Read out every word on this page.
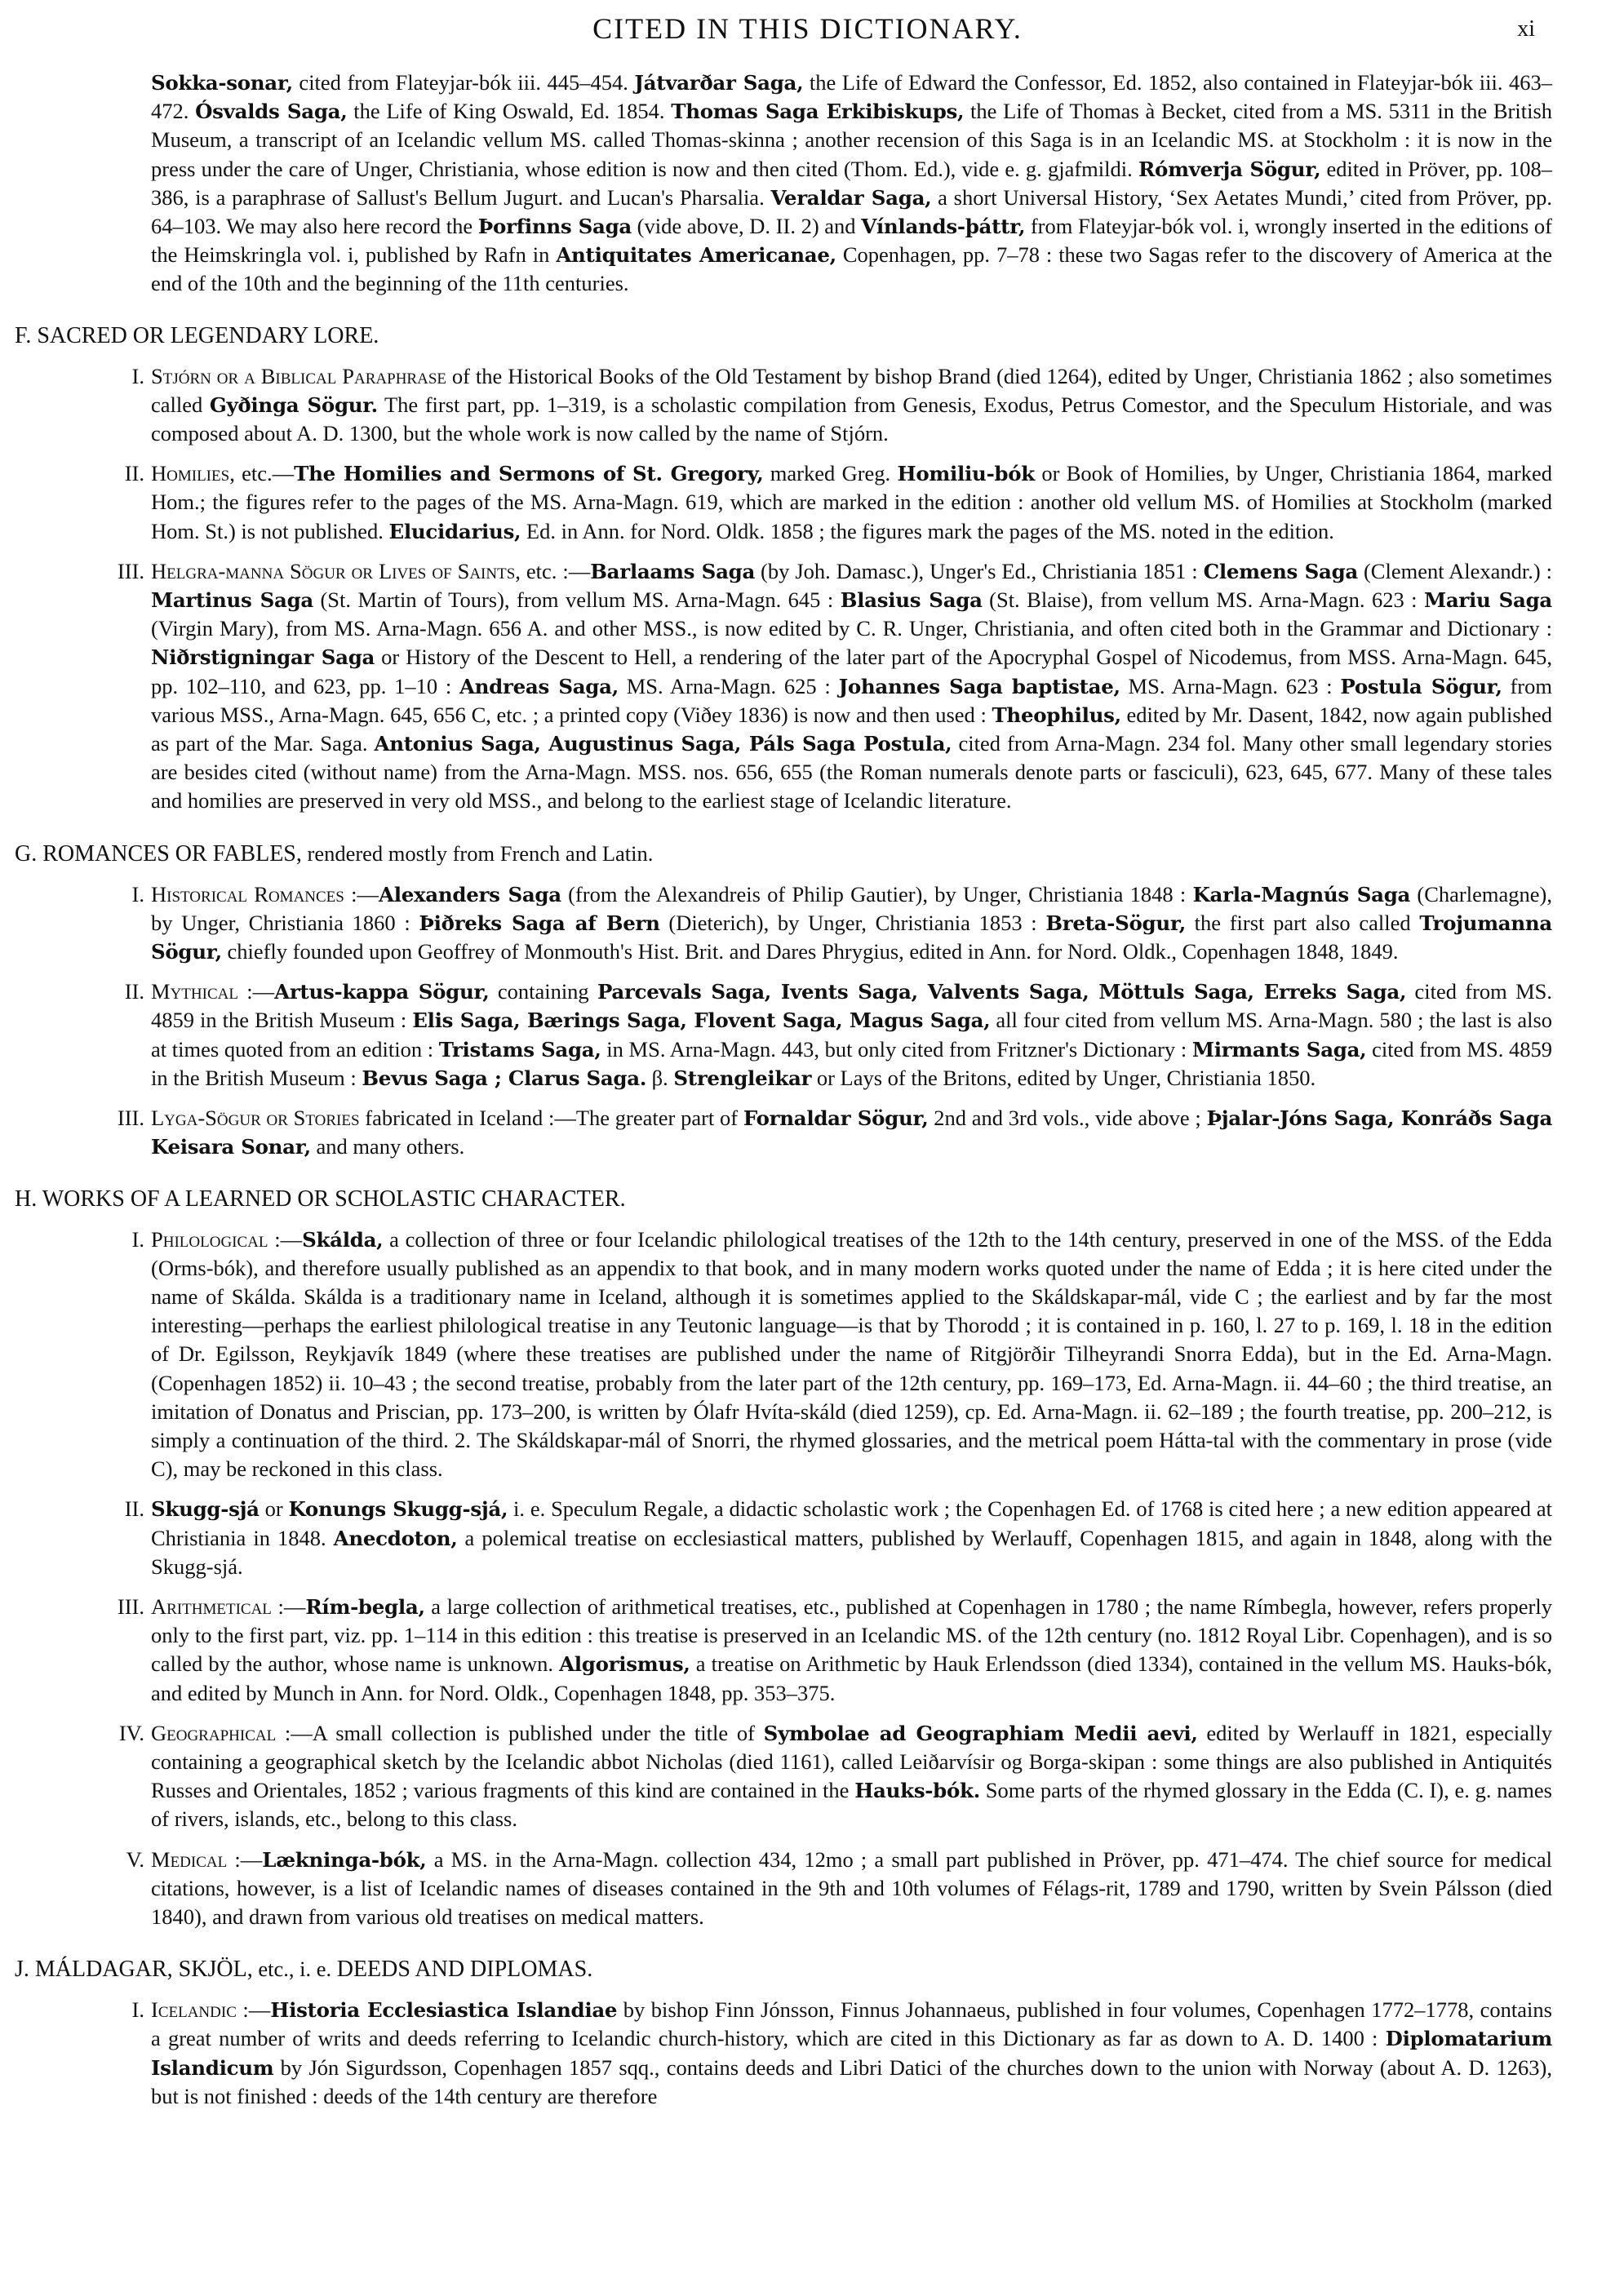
CITED IN THIS DICTIONARY.	xi

Sokka-sonar, cited from Flateyjar-bók iii. 445–454. Játvarðar Saga, the Life of Edward the Confessor, Ed. 1852, also contained in Flateyjar-bók iii. 463–472. Ósvalds Saga, the Life of King Oswald, Ed. 1854. Thomas Saga Erkibiskups, the Life of Thomas à Becket, cited from a MS. 5311 in the British Museum, a transcript of an Icelandic vellum MS. called Thomas-skinna ; another recension of this Saga is in an Icelandic MS. at Stockholm : it is now in the press under the care of Unger, Christiania, whose edition is now and then cited (Thom. Ed.), vide e. g. gjafmildi. Rómverja Sögur, edited in Pröver, pp. 108–386, is a paraphrase of Sallust's Bellum Jugurt. and Lucan's Pharsalia. Veraldar Saga, a short Universal History, ‘Sex Aetates Mundi,’ cited from Pröver, pp. 64–103. We may also here record the Þorfinns Saga (vide above, D. II. 2) and Vínlands-þáttr, from Flateyjar-bók vol. i, wrongly inserted in the editions of the Heimskringla vol. i, published by Rafn in Antiquitates Americanae, Copenhagen, pp. 7–78 : these two Sagas refer to the discovery of America at the end of the 10th and the beginning of the 11th centuries.

F. SACRED OR LEGENDARY LORE.

I. Stjórn or a Biblical Paraphrase of the Historical Books of the Old Testament by bishop Brand (died 1264), edited by Unger, Christiania 1862 ; also sometimes called Gyðinga Sögur. The first part, pp. 1–319, is a scholastic compilation from Genesis, Exodus, Petrus Comestor, and the Speculum Historiale, and was composed about A. D. 1300, but the whole work is now called by the name of Stjórn.
II. Homilies, etc.—The Homilies and Sermons of St. Gregory, marked Greg. Homiliu-bók or Book of Homilies, by Unger, Christiania 1864, marked Hom.; the figures refer to the pages of the MS. Arna-Magn. 619, which are marked in the edition : another old vellum MS. of Homilies at Stockholm (marked Hom. St.) is not published. Elucidarius, Ed. in Ann. for Nord. Oldk. 1858 ; the figures mark the pages of the MS. noted in the edition.
III. Helgra-manna Sögur or Lives of Saints, etc. :—Barlaams Saga (by Joh. Damasc.), Unger's Ed., Christiania 1851 : Clemens Saga (Clement Alexandr.) : Martinus Saga (St. Martin of Tours), from vellum MS. Arna-Magn. 645 : Blasius Saga (St. Blaise), from vellum MS. Arna-Magn. 623 : Mariu Saga (Virgin Mary), from MS. Arna-Magn. 656 A. and other MSS., is now edited by C. R. Unger, Christiania, and often cited both in the Grammar and Dictionary : Niðrstigningar Saga or History of the Descent to Hell, a rendering of the later part of the Apocryphal Gospel of Nicodemus, from MSS. Arna-Magn. 645, pp. 102–110, and 623, pp. 1–10 : Andreas Saga, MS. Arna-Magn. 625 : Johannes Saga baptistae, MS. Arna-Magn. 623 : Postula Sögur, from various MSS., Arna-Magn. 645, 656 C, etc. ; a printed copy (Viðey 1836) is now and then used : Theophilus, edited by Mr. Dasent, 1842, now again published as part of the Mar. Saga. Antonius Saga, Augustinus Saga, Páls Saga Postula, cited from Arna-Magn. 234 fol. Many other small legendary stories are besides cited (without name) from the Arna-Magn. MSS. nos. 656, 655 (the Roman numerals denote parts or fasciculi), 623, 645, 677. Many of these tales and homilies are preserved in very old MSS., and belong to the earliest stage of Icelandic literature.

G. ROMANCES OR FABLES, rendered mostly from French and Latin.

I. Historical Romances :—Alexanders Saga (from the Alexandreis of Philip Gautier), by Unger, Christiania 1848 : Karla-Magnús Saga (Charlemagne), by Unger, Christiania 1860 : Þiðreks Saga af Bern (Dieterich), by Unger, Christiania 1853 : Breta-Sögur, the first part also called Trojumanna Sögur, chiefly founded upon Geoffrey of Monmouth's Hist. Brit. and Dares Phrygius, edited in Ann. for Nord. Oldk., Copenhagen 1848, 1849.
II. Mythical :—Artus-kappa Sögur, containing Parcevals Saga, Ivents Saga, Valvents Saga, Möttuls Saga, Erreks Saga, cited from MS. 4859 in the British Museum : Elis Saga, Bærings Saga, Flovent Saga, Magus Saga, all four cited from vellum MS. Arna-Magn. 580 ; the last is also at times quoted from an edition : Tristams Saga, in MS. Arna-Magn. 443, but only cited from Fritzner's Dictionary : Mirmants Saga, cited from MS. 4859 in the British Museum : Bevus Saga ; Clarus Saga. β. Strengleikar or Lays of the Britons, edited by Unger, Christiania 1850.
III. Lyga-Sögur or Stories fabricated in Iceland :—The greater part of Fornaldar Sögur, 2nd and 3rd vols., vide above ; Þjalar-Jóns Saga, Konráðs Saga Keisara Sonar, and many others.

H. WORKS OF A LEARNED OR SCHOLASTIC CHARACTER.

I. Philological :—Skálda, a collection of three or four Icelandic philological treatises of the 12th to the 14th century, preserved in one of the MSS. of the Edda (Orms-bók), and therefore usually published as an appendix to that book, and in many modern works quoted under the name of Edda ; it is here cited under the name of Skálda. Skálda is a traditionary name in Iceland, although it is sometimes applied to the Skáldskapar-mál, vide C ; the earliest and by far the most interesting—perhaps the earliest philological treatise in any Teutonic language—is that by Thorodd ; it is contained in p. 160, l. 27 to p. 169, l. 18 in the edition of Dr. Egilsson, Reykjavík 1849 (where these treatises are published under the name of Ritgjörðir Tilheyrandi Snorra Edda), but in the Ed. Arna-Magn. (Copenhagen 1852) ii. 10–43 ; the second treatise, probably from the later part of the 12th century, pp. 169–173, Ed. Arna-Magn. ii. 44–60 ; the third treatise, an imitation of Donatus and Priscian, pp. 173–200, is written by Ólafr Hvíta-skáld (died 1259), cp. Ed. Arna-Magn. ii. 62–189 ; the fourth treatise, pp. 200–212, is simply a continuation of the third. 2. The Skáldskapar-mál of Snorri, the rhymed glossaries, and the metrical poem Hátta-tal with the commentary in prose (vide C), may be reckoned in this class.
II. Skugg-sjá or Konungs Skugg-sjá, i. e. Speculum Regale, a didactic scholastic work ; the Copenhagen Ed. of 1768 is cited here ; a new edition appeared at Christiania in 1848. Anecdoton, a polemical treatise on ecclesiastical matters, published by Werlauff, Copenhagen 1815, and again in 1848, along with the Skugg-sjá.
III. Arithmetical :—Rím-begla, a large collection of arithmetical treatises, etc., published at Copenhagen in 1780 ; the name Rímbegla, however, refers properly only to the first part, viz. pp. 1–114 in this edition : this treatise is preserved in an Icelandic MS. of the 12th century (no. 1812 Royal Libr. Copenhagen), and is so called by the author, whose name is unknown. Algorismus, a treatise on Arithmetic by Hauk Erlendsson (died 1334), contained in the vellum MS. Hauks-bók, and edited by Munch in Ann. for Nord. Oldk., Copenhagen 1848, pp. 353–375.
IV. Geographical :—A small collection is published under the title of Symbolae ad Geographiam Medii aevi, edited by Werlauff in 1821, especially containing a geographical sketch by the Icelandic abbot Nicholas (died 1161), called Leiðarvísir og Borga-skipan : some things are also published in Antiquités Russes and Orientales, 1852 ; various fragments of this kind are contained in the Hauks-bók. Some parts of the rhymed glossary in the Edda (C. I), e. g. names of rivers, islands, etc., belong to this class.
V. Medical :—Lækninga-bók, a MS. in the Arna-Magn. collection 434, 12mo ; a small part published in Pröver, pp. 471–474. The chief source for medical citations, however, is a list of Icelandic names of diseases contained in the 9th and 10th volumes of Félags-rit, 1789 and 1790, written by Svein Pálsson (died 1840), and drawn from various old treatises on medical matters.

J. MÁLDAGAR, SKJÖL, etc., i. e. DEEDS AND DIPLOMAS.

I. Icelandic :—Historia Ecclesiastica Islandiae by bishop Finn Jónsson, Finnus Johannaeus, published in four volumes, Copenhagen 1772–1778, contains a great number of writs and deeds referring to Icelandic church-history, which are cited in this Dictionary as far as down to A. D. 1400 : Diplomatarium Islandicum by Jón Sigurdsson, Copenhagen 1857 sqq., contains deeds and Libri Datici of the churches down to the union with Norway (about A. D. 1263), but is not finished : deeds of the 14th century are therefore
